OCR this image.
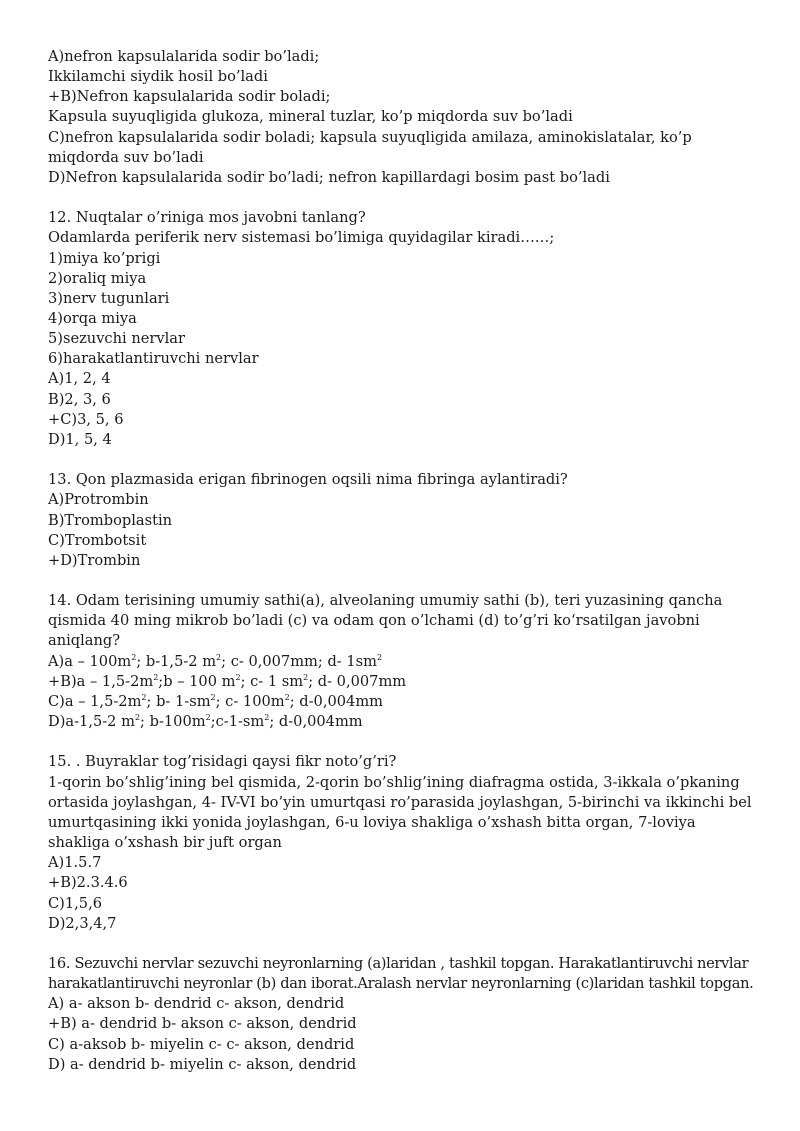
A)nefron kapsulalarida sodir bo’ladi;
Ikkilamchi siydik hosil bo’ladi
+B)Nefron kapsulalarida sodir boladi;
Kapsula suyuqligida glukoza, mineral tuzlar, ko’p miqdorda suv bo’ladi
C)nefron kapsulalarida sodir boladi; kapsula suyuqligida amilaza, aminokislatalar, ko’p miqdorda suv bo’ladi
D)Nefron kapsulalarida sodir bo’ladi; nefron kapillardagi bosim past bo’ladi
12. Nuqtalar o’riniga mos javobni tanlang?
Odamlarda periferik nerv sistemasi bo’limiga quyidagilar kiradi……;
1)miya ko’prigi
2)oraliq miya
3)nerv tugunlari
4)orqa miya
5)sezuvchi nervlar
6)harakatlantiruvchi nervlar
A)1, 2, 4
B)2, 3, 6
+C)3, 5, 6
D)1, 5, 4
13. Qon plazmasida erigan fibrinogen oqsili nima fibringa aylantiradi?
A)Protrombin
B)Tromboplastin
C)Trombotsit
+D)Trombin
14. Odam terisining umumiy sathi(a), alveolaning umumiy sathi (b), teri yuzasining qancha qismida 40 ming mikrob bo’ladi (c) va odam qon o’lchami (d) to’g’ri koʻrsatilgan javobni aniqlang?
$A)a - 100m^2$; b-1,5-2 $m^2$; c- 0,007mm; d- $1sm^2$
$+B)a - 1,5-2m^2;b - 100$ $m^2$; c- 1 $sm^2$; d- 0,007mm
$C)a - 1,5-2m^2$; b- $1-sm^2$; c- $100m^2$; d-0,004mm
D)a-1,5-2 $m^2$; $b-100m^2;c-1-sm^2$; d-0,004mm
15. . Buyraklar tog’risidagi qaysi fikr noto’g’ri?
1-qorin bo’shlig’ining bel qismida, 2-qorin bo’shlig’ining diafragma ostida, 3-ikkala o’pkaning ortasida joylashgan, 4- IV-VI bo’yin umurtqasi ro’parasida joylashgan, 5-birinchi va ikkinchi bel umurtqasining ikki yonida joylashgan, 6-u loviya shakliga o’xshash bitta organ, 7-loviya shakliga o’xshash bir juft organ
A)1.5.7
+B)2.3.4.6
C)1,5,6
D)2,3,4,7
16. Sezuvchi nervlar sezuvchi neyronlarning (a)laridan , tashkil topgan. Harakatlantiruvchi nervlar harakatlantiruvchi neyronlar (b) dan iborat.Aralash nervlar neyronlarning (c)laridan tashkil topgan.
A) a- akson b- dendrid c- akson, dendrid
+B) a- dendrid b- akson c- akson, dendrid
C) a-aksob b- miyelin c- c- akson, dendrid
D) a- dendrid b- miyelin c- akson, dendrid
